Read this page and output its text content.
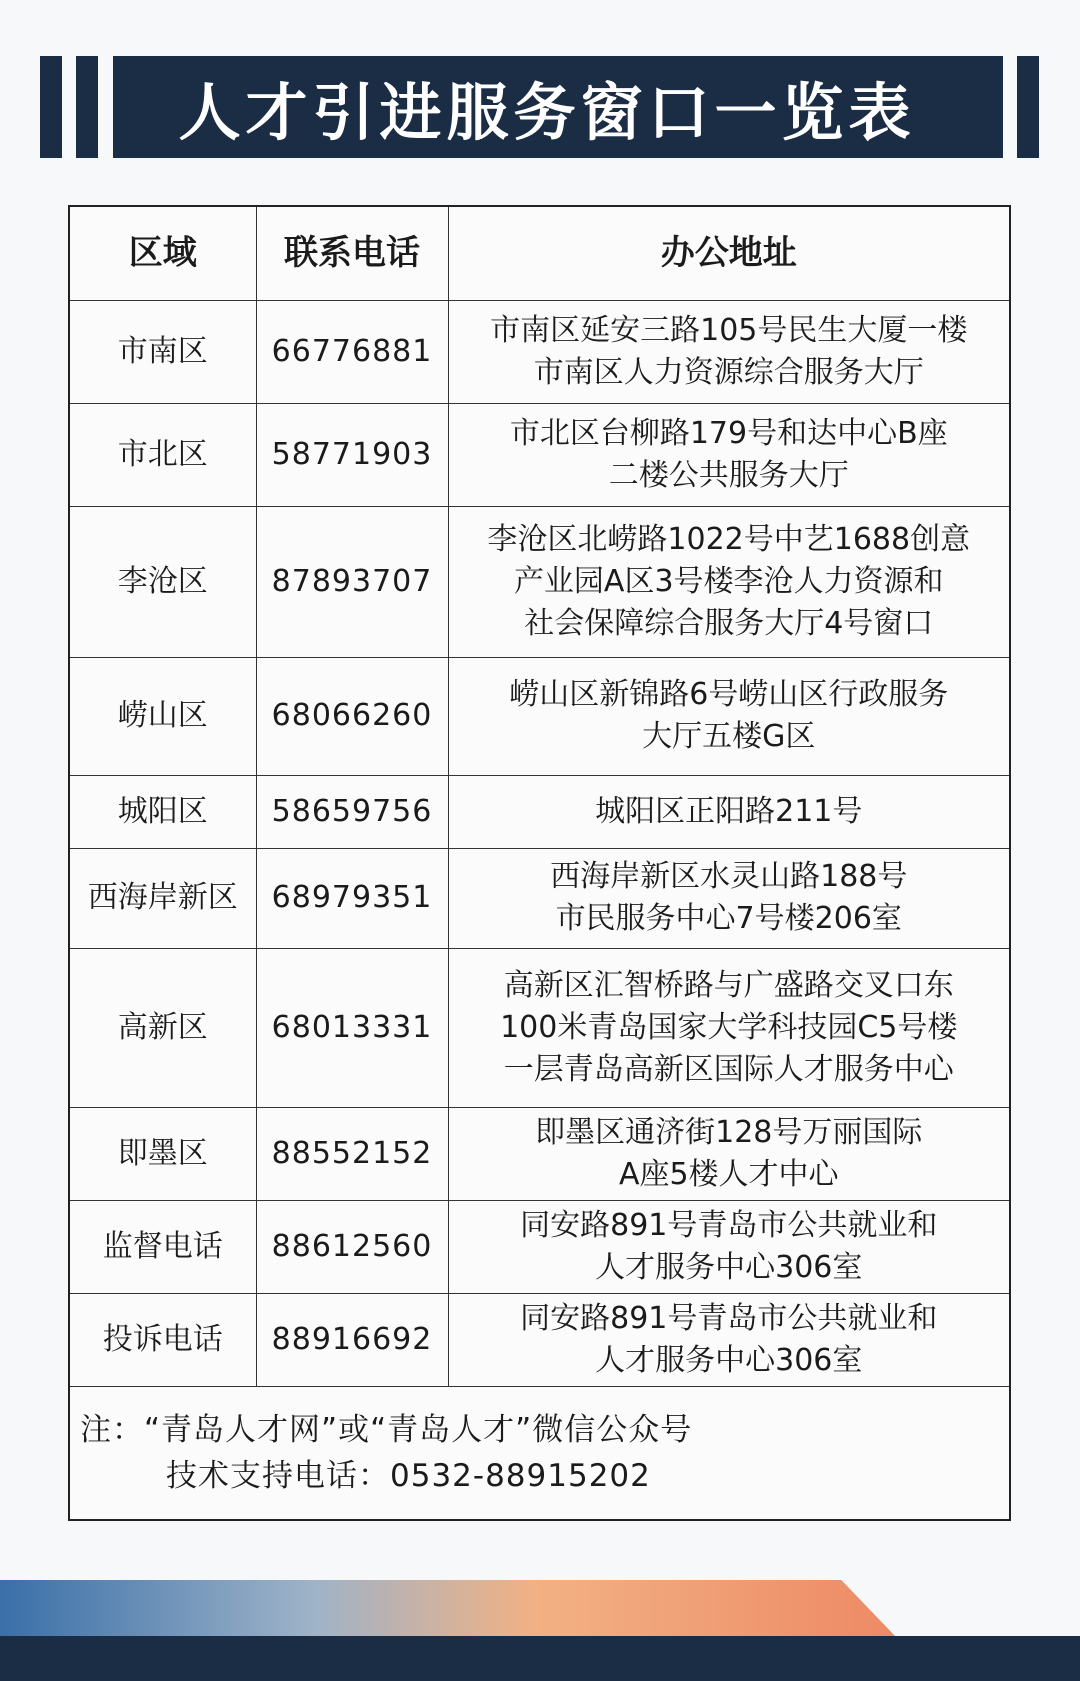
人才引进服务窗口一览表
区域	联系电话	办公地址
市南区	66776881	市南区延安三路105号民生大厦一楼
市南区人力资源综合服务大厅

市北区	58771903	市北区台柳路179号和达中心B座
二楼公共服务大厅

李沧区	87893707	李沧区北崂路1022号中艺1688创意
产业园A区3号楼李沧人力资源和
社会保障综合服务大厅4号窗口

崂山区	68066260	崂山区新锦路6号崂山区行政服务
大厅五楼G区

城阳区	58659756	城阳区正阳路211号

西海岸新区	68979351	西海岸新区水灵山路188号
市民服务中心7号楼206室

高新区	68013331	高新区汇智桥路与广盛路交叉口东
100米青岛国家大学科技园C5号楼
一层青岛高新区国际人才服务中心

即墨区	88552152	即墨区通济街128号万丽国际
A座5楼人才中心

监督电话	88612560	同安路891号青岛市公共就业和
人才服务中心306室

投诉电话	88916692	同安路891号青岛市公共就业和
人才服务中心306室
注：“青岛人才网”或“青岛人才”微信公众号
技术支持电话：0532-88915202
